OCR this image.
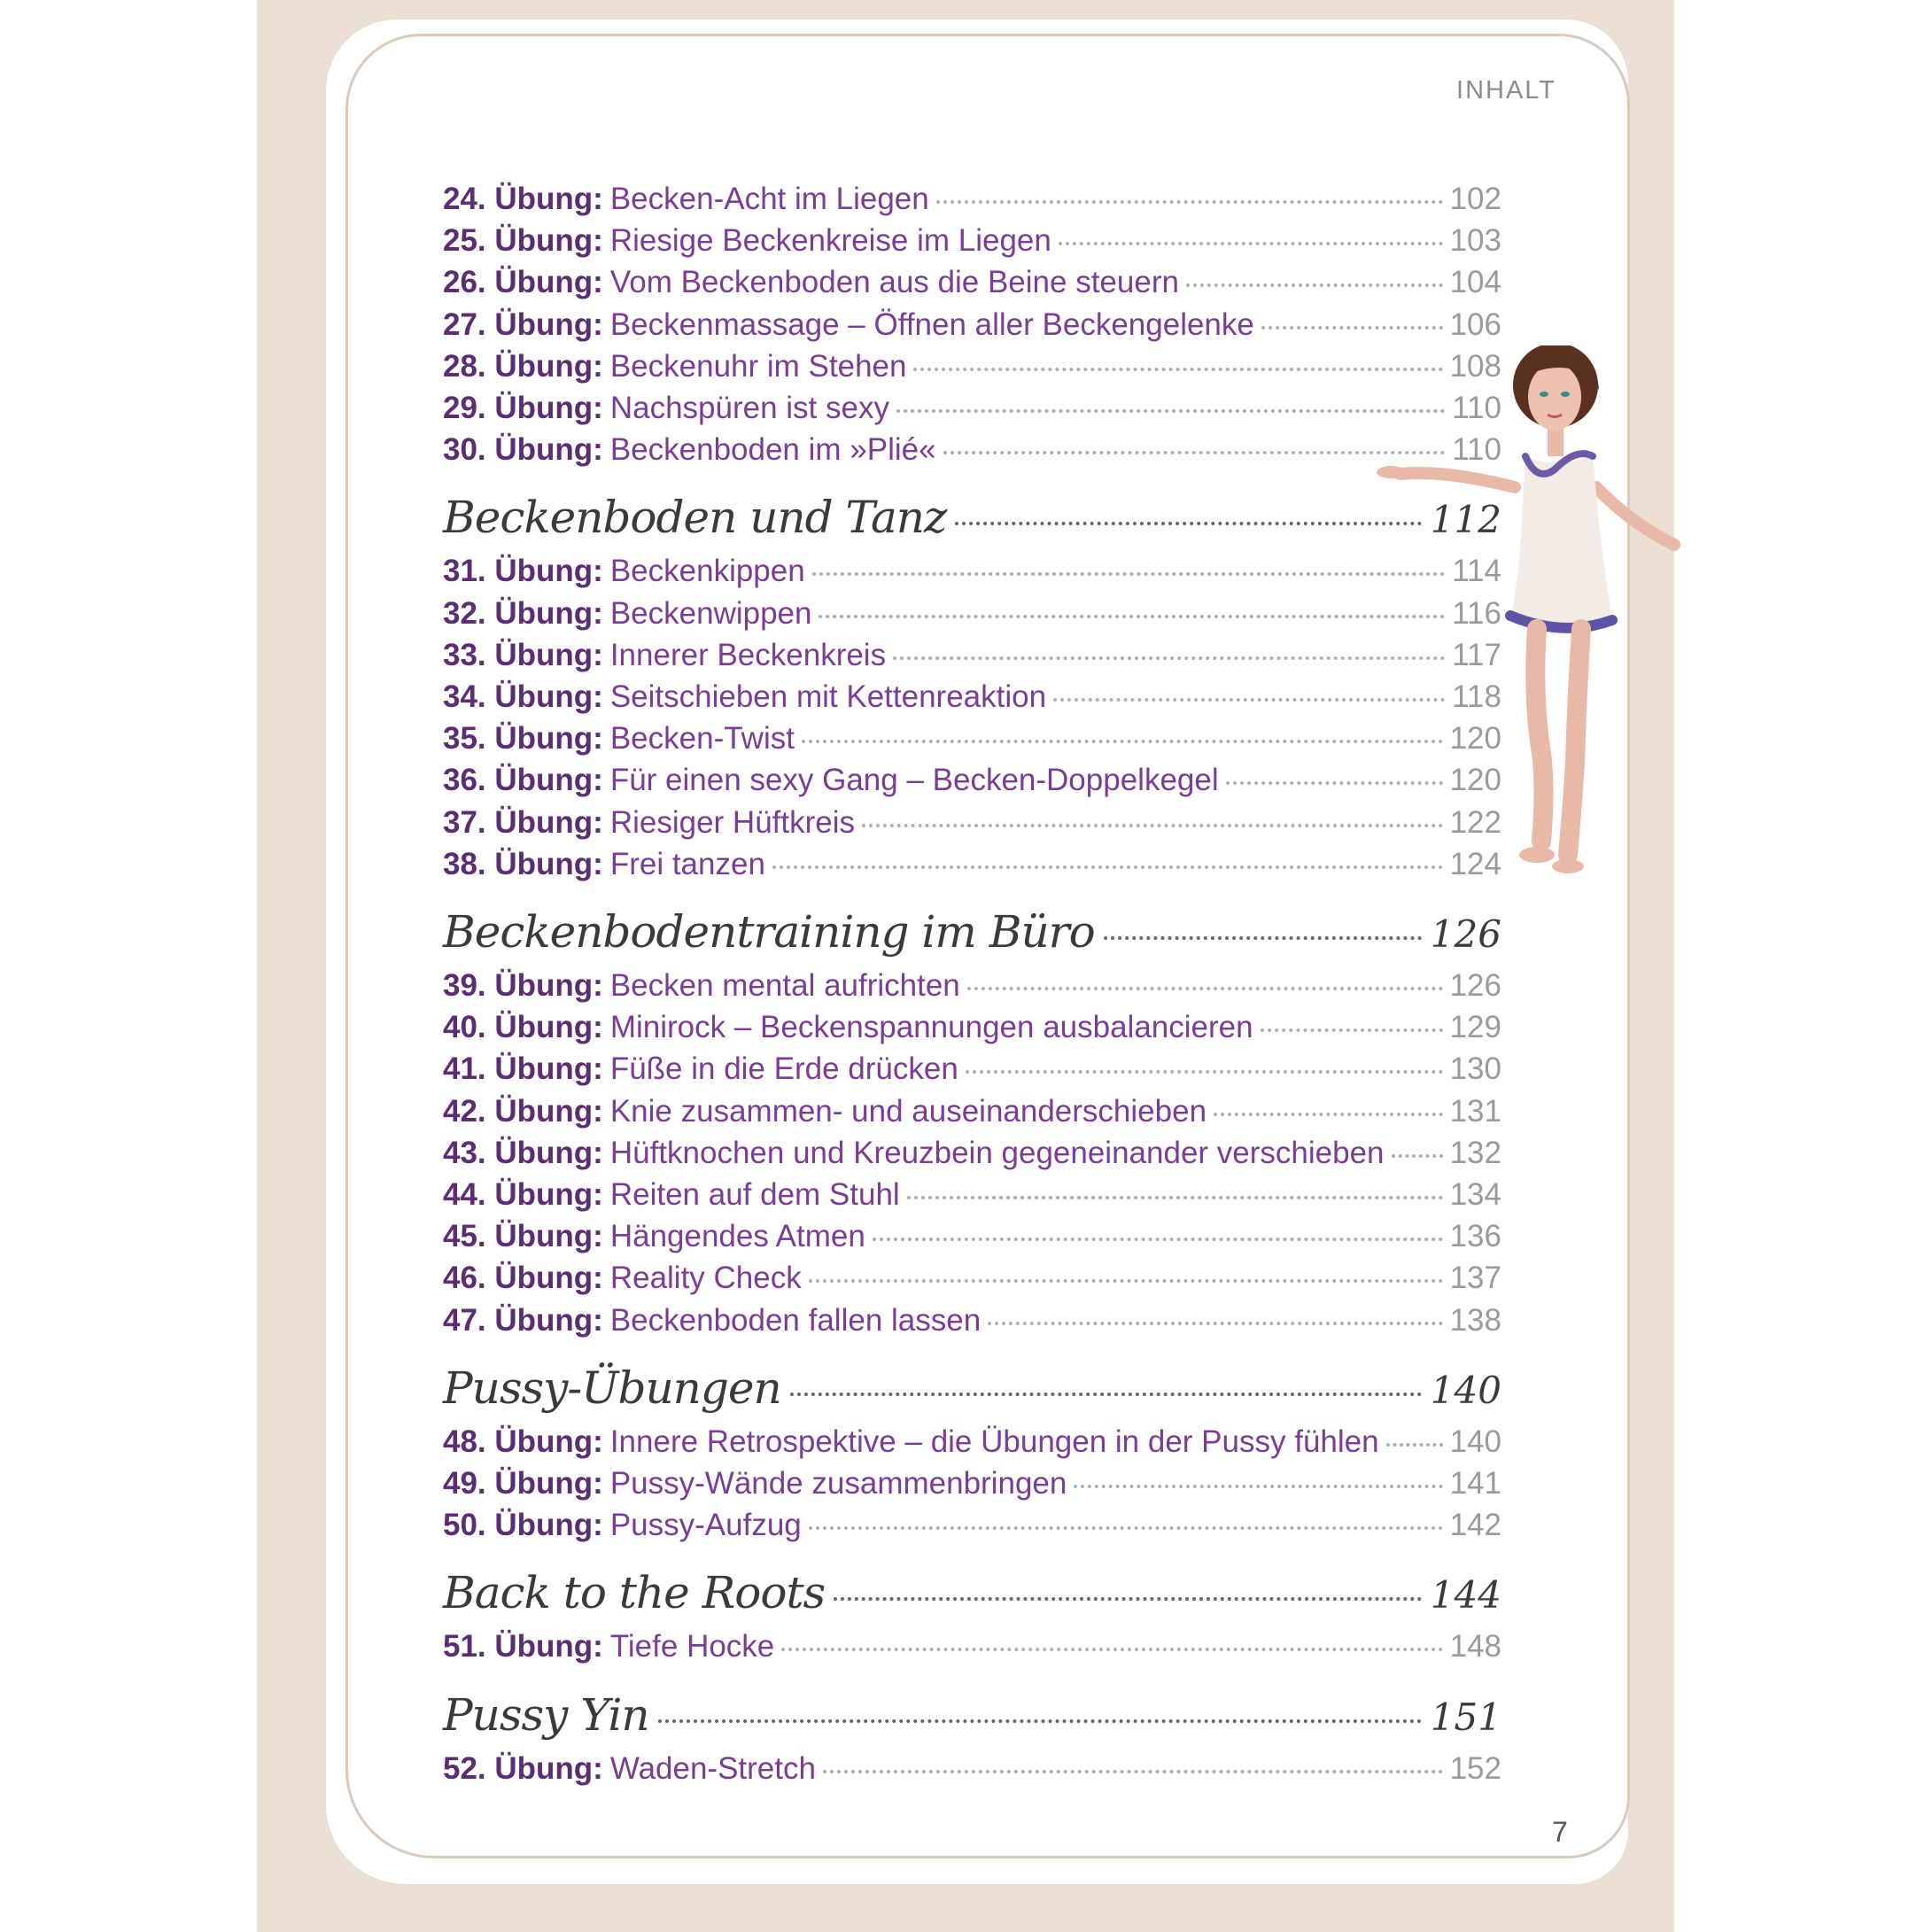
INHALT
24. Übung: Becken-Acht im Liegen	102
25. Übung: Riesige Beckenkreise im Liegen	103
26. Übung: Vom Beckenboden aus die Beine steuern	104
27. Übung: Beckenmassage – Öffnen aller Beckengelenke	106
28. Übung: Beckenuhr im Stehen	108
29. Übung: Nachspüren ist sexy	110
30. Übung: Beckenboden im »Plié«	110
Beckenboden und Tanz	112
31. Übung: Beckenkippen	114
32. Übung: Beckenwippen	116
33. Übung: Innerer Beckenkreis	117
34. Übung: Seitschieben mit Kettenreaktion	118
35. Übung: Becken-Twist	120
36. Übung: Für einen sexy Gang – Becken-Doppelkegel	120
37. Übung: Riesiger Hüftkreis	122
38. Übung: Frei tanzen	124
Beckenbodentraining im Büro	126
39. Übung: Becken mental aufrichten	126
40. Übung: Minirock – Beckenspannungen ausbalancieren	129
41. Übung: Füße in die Erde drücken	130
42. Übung: Knie zusammen- und auseinanderschieben	131
43. Übung: Hüftknochen und Kreuzbein gegeneinander verschieben 132
44. Übung: Reiten auf dem Stuhl	134
45. Übung: Hängendes Atmen	136
46. Übung: Reality Check	137
47. Übung: Beckenboden fallen lassen	138
Pussy-Übungen	140
48. Übung: Innere Retrospektive – die Übungen in der Pussy fühlen 140
49. Übung: Pussy-Wände zusammenbringen	141
50. Übung: Pussy-Aufzug	142
Back to the Roots	144
51. Übung: Tiefe Hocke	148
Pussy Yin	151
52. Übung: Waden-Stretch	152
7
